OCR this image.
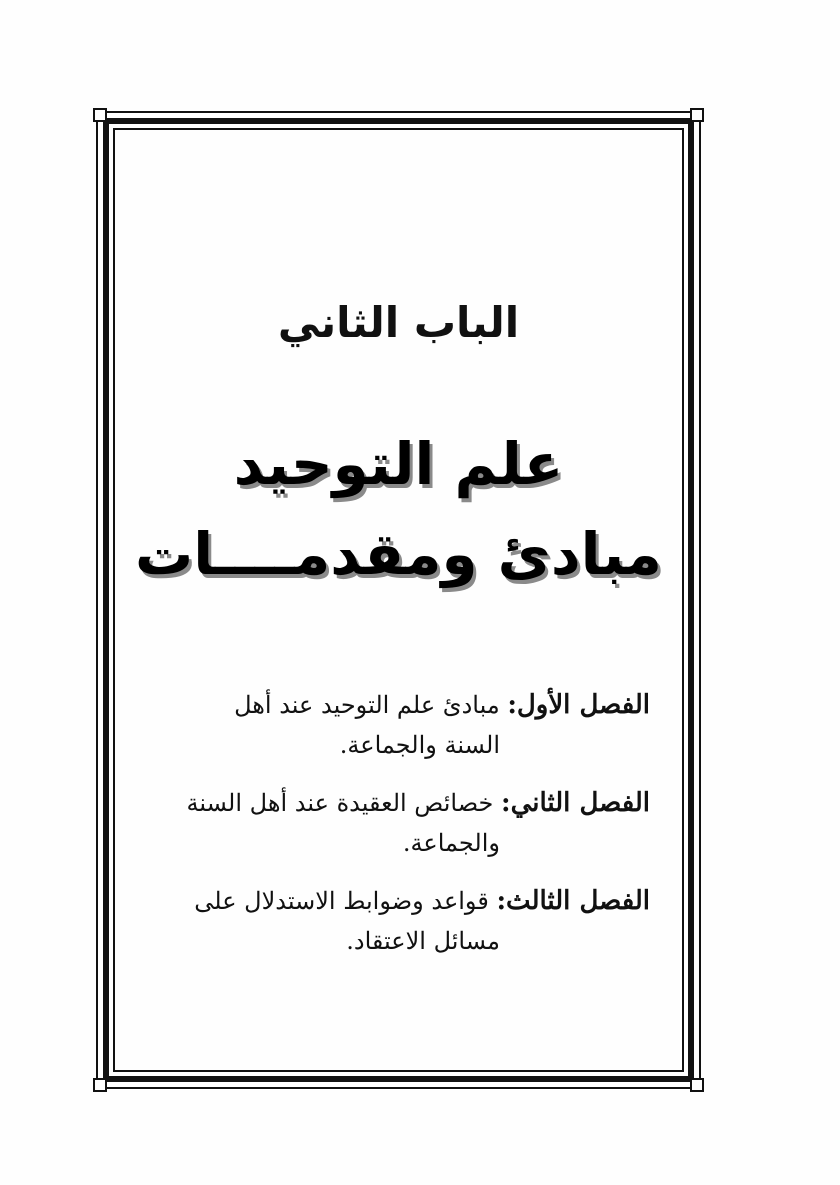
الباب الثاني
علم التوحيد
مبادئ ومقدمــــات

الفصل الأول: مبادئ علم التوحيد عند أهل
السنة والجماعة.

الفصل الثاني: خصائص العقيدة عند أهل السنة
والجماعة.

الفصل الثالث: قواعد وضوابط الاستدلال على
مسائل الاعتقاد.
